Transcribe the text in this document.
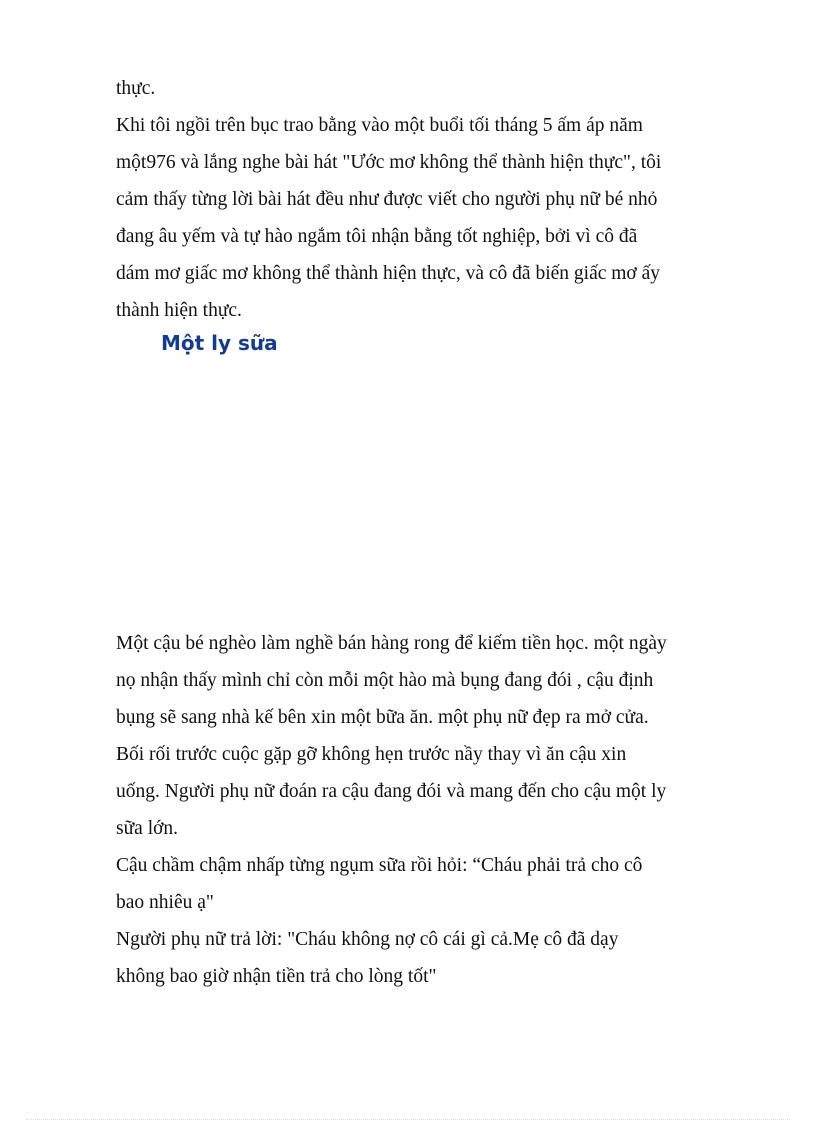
thực.
Khi tôi ngồi trên bục trao bằng vào một buổi tối tháng 5 ấm áp năm
một976 và lắng nghe bài hát "Ước mơ không thể thành hiện thực", tôi
cảm thấy từng lời bài hát đều như được viết cho người phụ nữ bé nhỏ
đang âu yếm và tự hào ngắm tôi nhận bằng tốt nghiệp, bởi vì cô đã
dám mơ giấc mơ không thể thành hiện thực, và cô đã biến giấc mơ ấy
thành hiện thực.
Một ly sữa
Một cậu bé nghèo làm nghề bán hàng rong để kiếm tiền học. một ngày
nọ nhận thấy mình chỉ còn mỗi một hào mà bụng đang đói , cậu định
bụng sẽ sang nhà kế bên xin một bữa ăn. một phụ nữ đẹp ra mở cửa.
Bối rối trước cuộc gặp gỡ không hẹn trước nầy thay vì ăn cậu xin
uống. Người phụ nữ đoán ra cậu đang đói và mang đến cho cậu một ly
sữa lớn.
Cậu chầm chậm nhấp từng ngụm sữa rồi hỏi: “Cháu phải trả cho cô
bao nhiêu ạ"
Người phụ nữ trả lời: "Cháu không nợ cô cái gì cả.Mẹ cô đã dạy
không bao giờ nhận tiền trả cho lòng tốt"
